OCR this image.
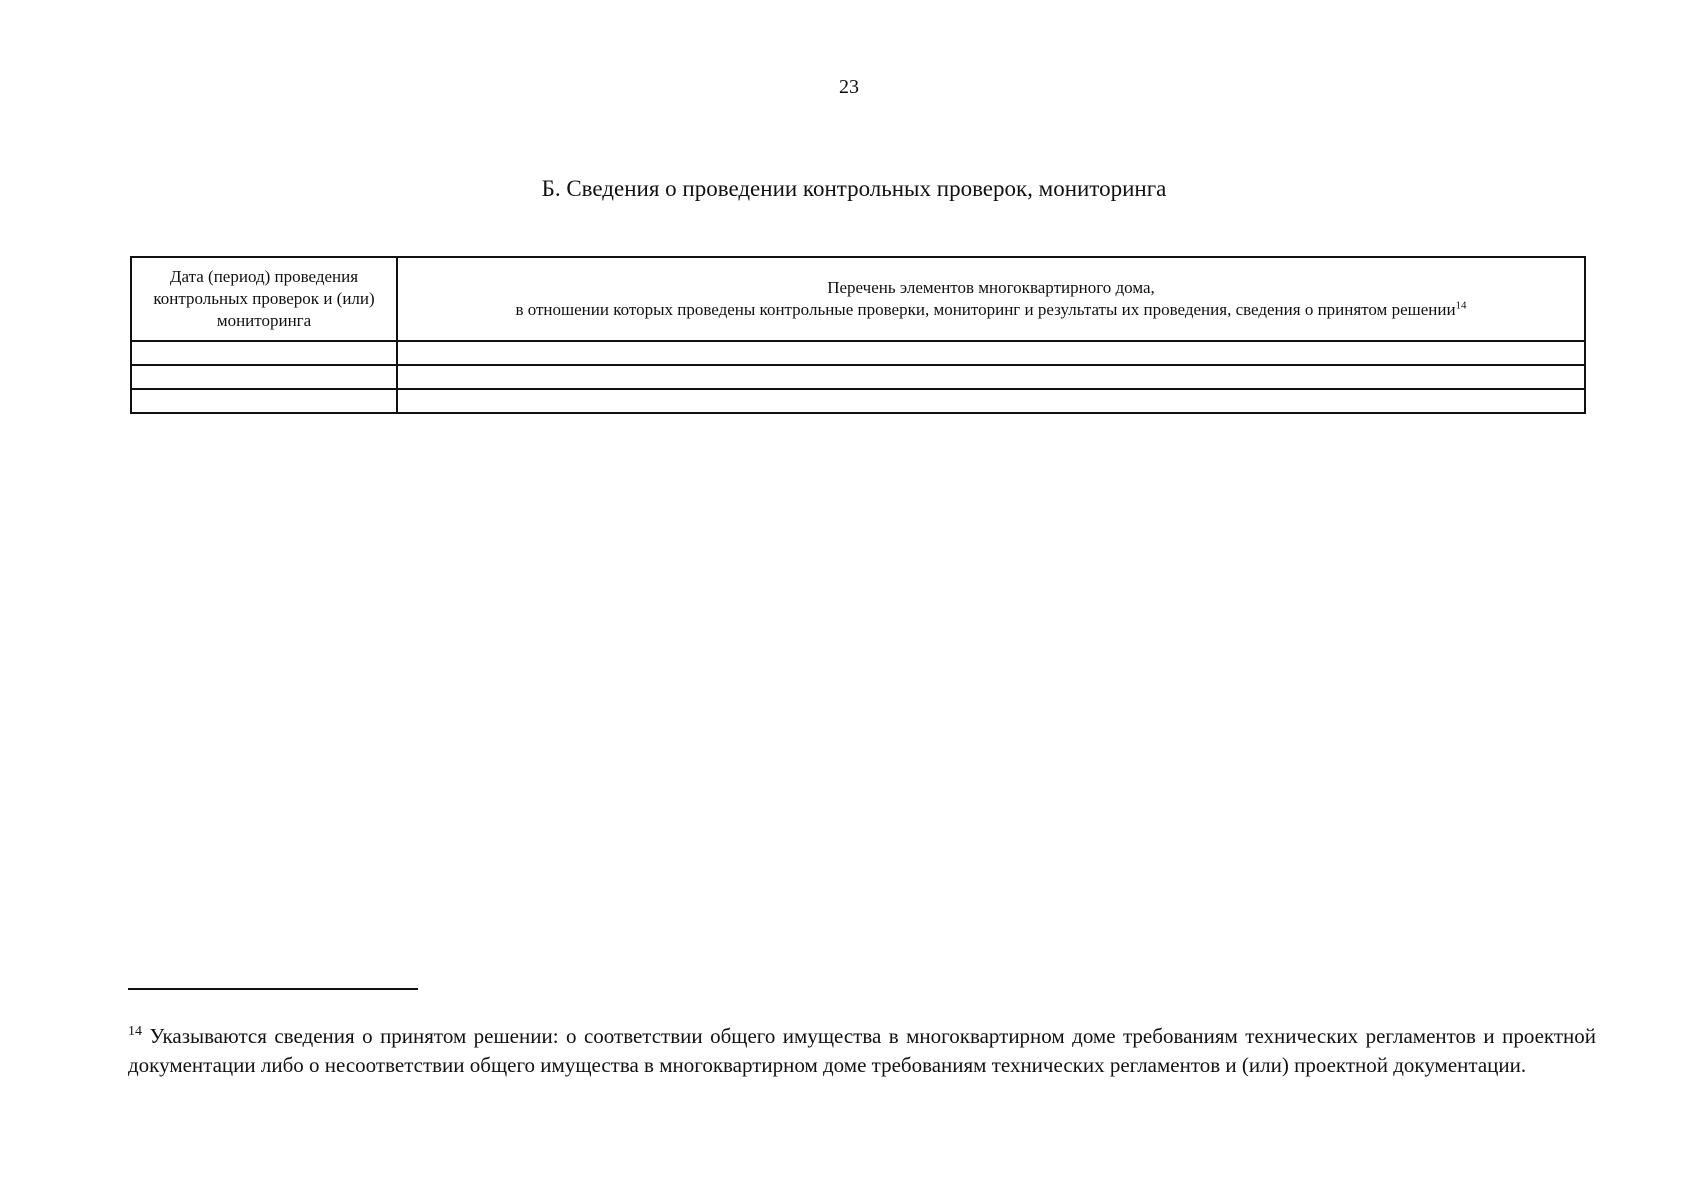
23
Б. Сведения о проведении контрольных проверок, мониторинга
Дата (период) проведения контрольных проверок и (или) мониторинга	Перечень элементов многоквартирного дома,
в отношении которых проведены контрольные проверки, мониторинг и результаты их проведения, сведения о принятом решении$^{14}$

$^{14}$ Указываются сведения о принятом решении: о соответствии общего имущества в многоквартирном доме требованиям технических регламентов и проектной документации либо о несоответствии общего имущества в многоквартирном доме требованиям технических регламентов и (или) проектной документации.
